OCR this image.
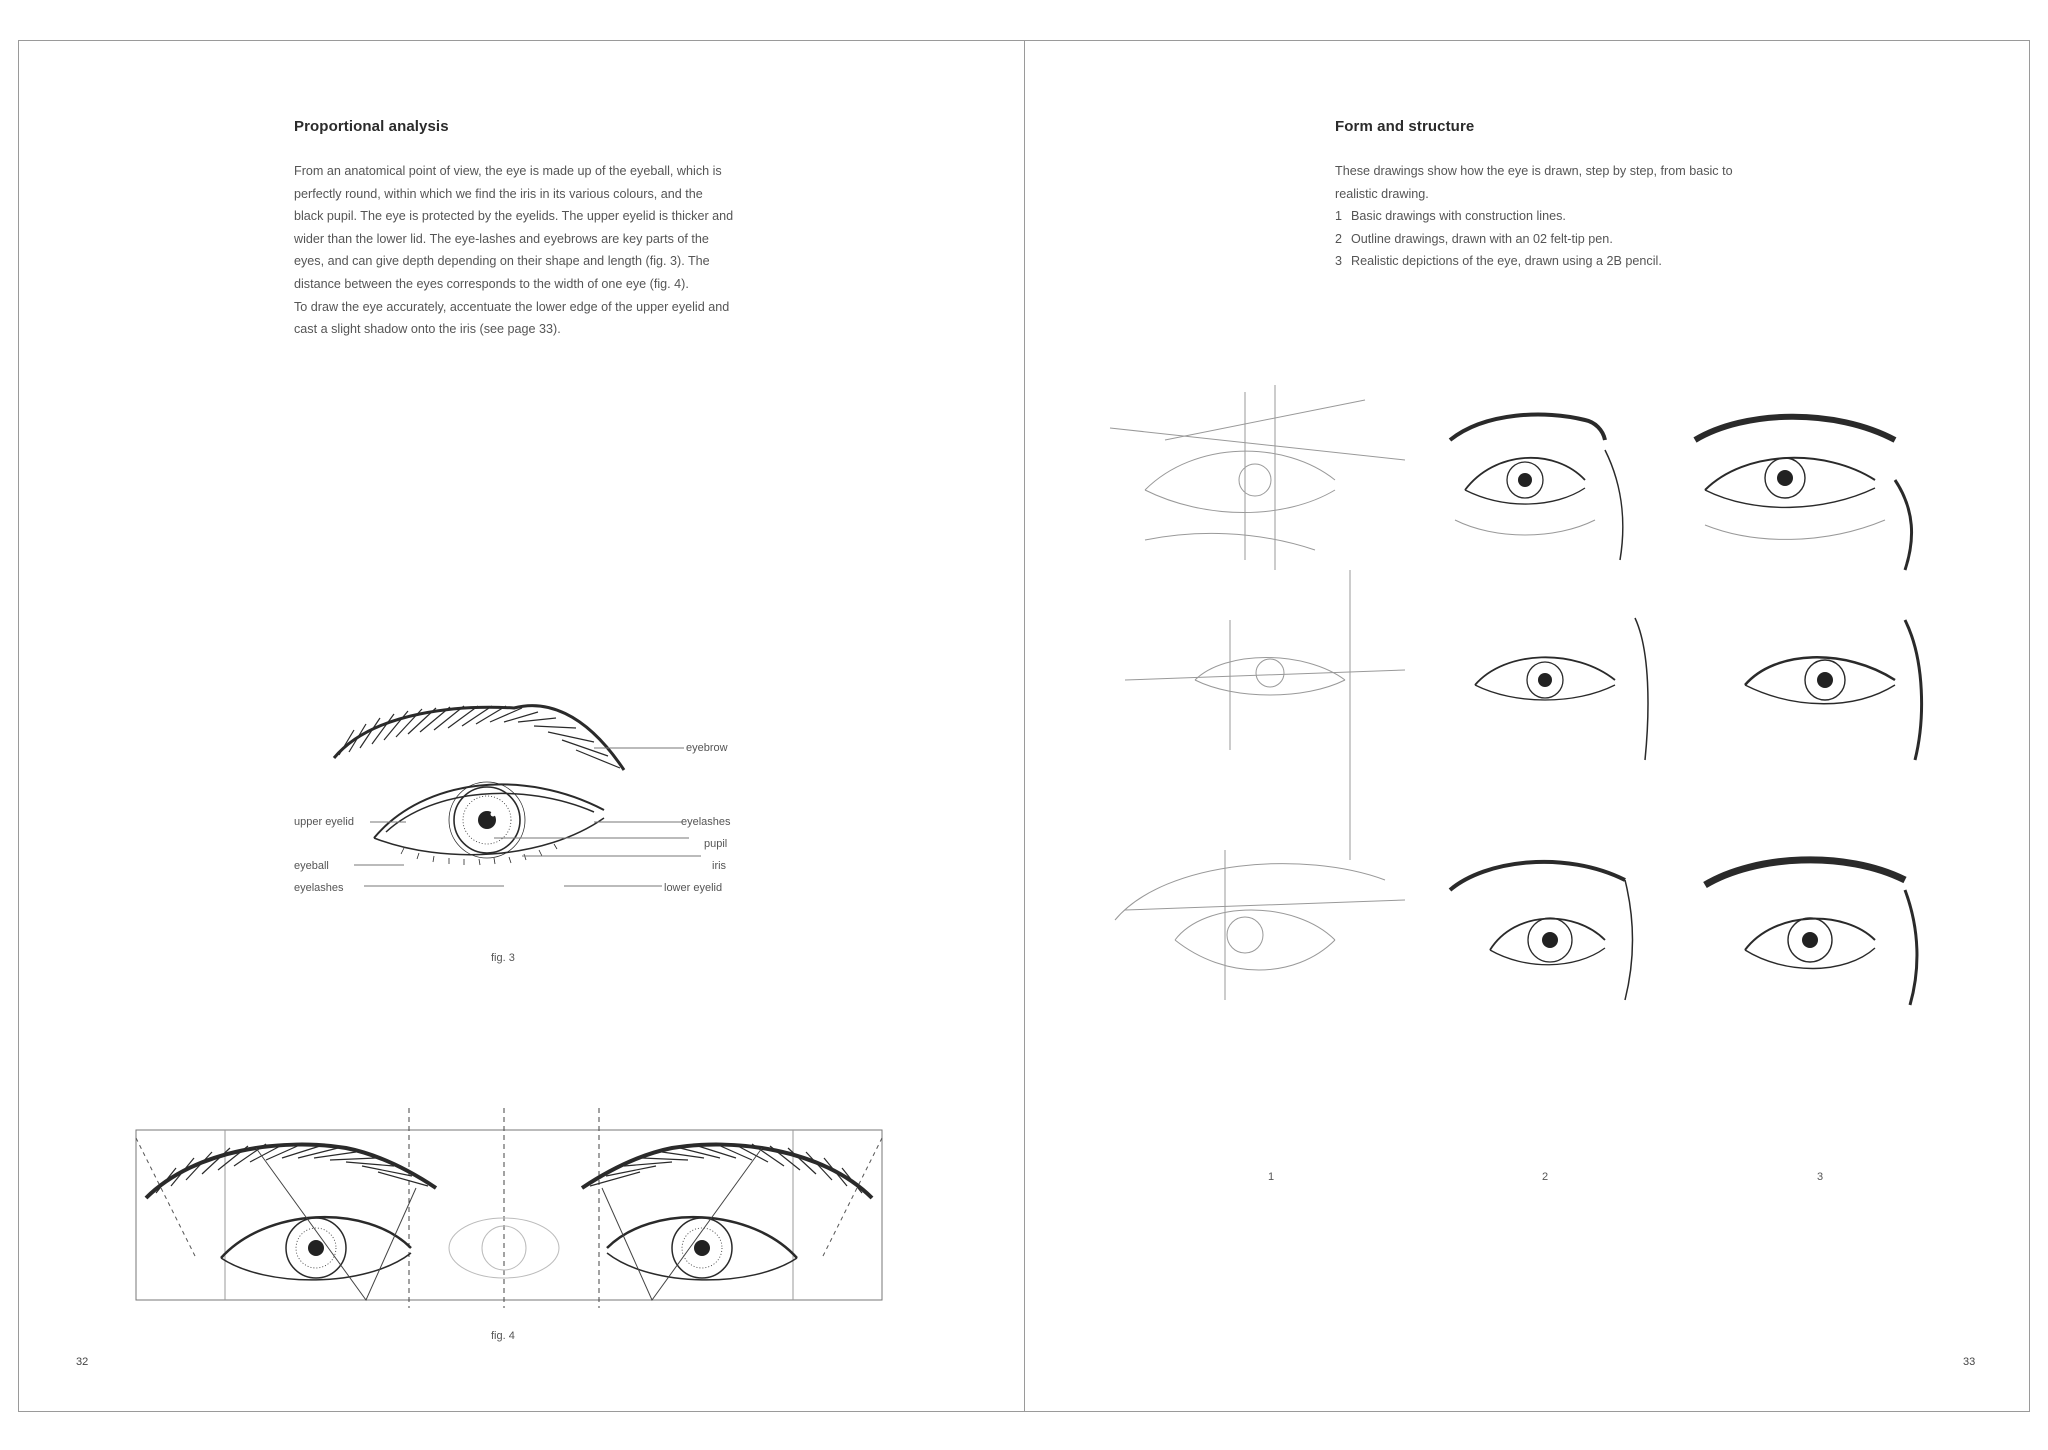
Proportional analysis

From an anatomical point of view, the eye is made up of the eyeball, which is perfectly round, within which we find the iris in its various colours, and the black pupil. The eye is protected by the eyelids. The upper eyelid is thicker and wider than the lower lid. The eye-lashes and eyebrows are key parts of the eyes, and can give depth depending on their shape and length (fig. 3). The distance between the eyes corresponds to the width of one eye (fig. 4).

To draw the eye accurately, accentuate the lower edge of the upper eyelid and cast a slight shadow onto the iris (see page 33).

eyebrow
upper eyelid	eyelashes
pupil
eyeball	iris
eyelashes	lower eyelid
fig. 3
fig. 4
32
Form and structure
These drawings show how the eye is drawn, step by step, from basic to realistic drawing.
1 Basic drawings with construction lines.
2 Outline drawings, drawn with an 02 felt-tip pen.
3 Realistic depictions of the eye, drawn using a 2B pencil.
1	2	3
33
